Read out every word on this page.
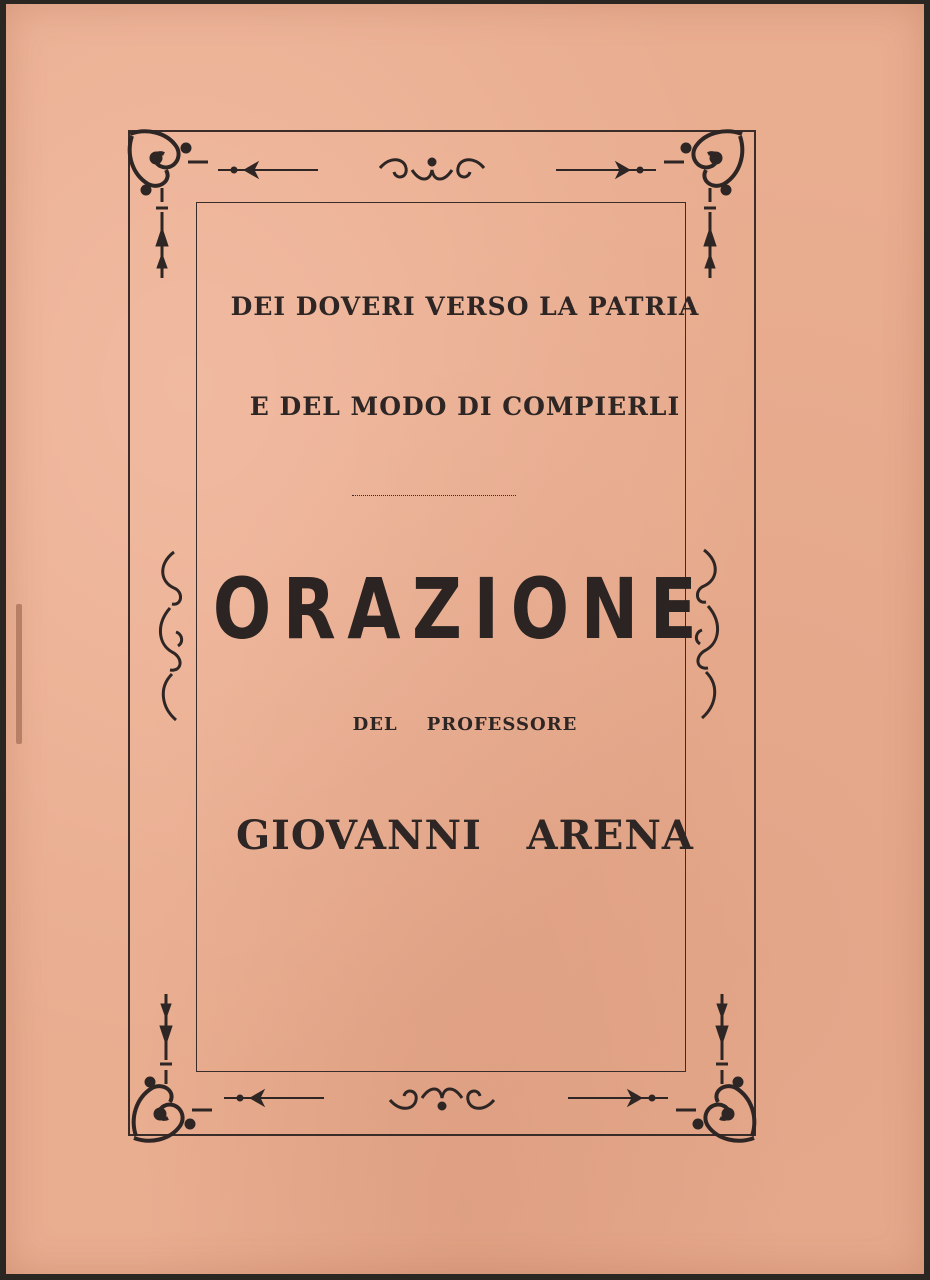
DEI DOVERI VERSO LA PATRIA
E DEL MODO DI COMPIERLI
ORAZIONE
DEL    PROFESSORE
GIOVANNI   ARENA
